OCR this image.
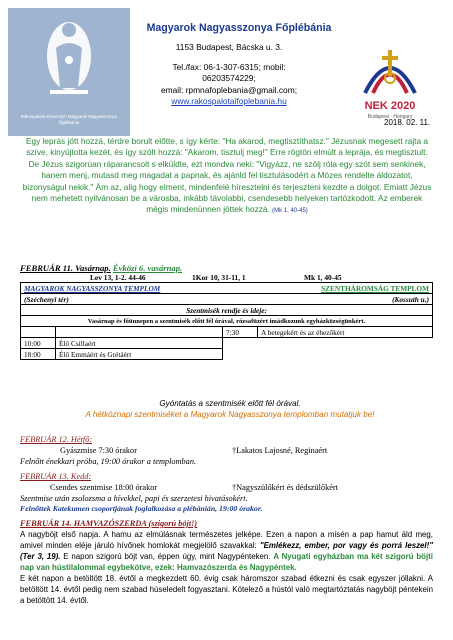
Rákospalota-Kissomlyó Magyarok Nagyasszonya főplébánia
Magyarok Nagyasszonya Főplébánia
1153 Budapest, Bácska u. 3.
Tel./fax: 06-1-307-6315; mobil:
06203574229;
email: rpmnafoplebania@gmail.com;
www.rakospalotaifoplebania.hu	NEK 2020
Budapest · Hungary
2018. 02. 11.
Egy leprás jött hozzá, térdre borult előtte, s így kérte: "Ha akarod, megtisztíthatsz." Jézusnak megesett rajta a szíve, kinyújtotta kezét, és így szólt hozzá: "Akarom, tisztulj meg!" Erre rögtön elmúlt a leprája, és megtisztult. De Jézus szigorúan ráparancsolt s elküldte, ezt mondva neki: "Vigyázz, ne szólj róla egy szót sem senkinek, hanem menj, mutasd meg magadat a papnak, és ajánld fel tisztulásodért a Mózes rendelte áldozatot, bizonyságul nekik." Ám az, alig hogy elment, mindenfelé híresztelni és terjeszteni kezdte a dolgot. Emiatt Jézus nem mehetett nyilvánosan be a városba, inkább távolabbi, csendesebb helyeken tartózkodott. Az emberek mégis mindenünnen jöttek hozzá. (Mk 1, 40-45)
FEBRUÁR 11. Vasárnap. Évközi 6. vasárnap.
Lev 13, 1-2. 44-46	1Kor 10, 31-11, 1	Mk 1, 40-45
MAGYAROK NAGYASSZONYA TEMPLOM		SZENTHÁROMSÁG TEMPLOM	
(Széchenyi tér)		(Kossuth u.)	
Szentmisék rendje és ideje:			
Vasárnap és főünnepen a szentmisék előtt fél órával, rózsafüzért imádkozunk egyházközségünkért.			
		7:30	A betegekért és az éhezőkért
10:00	Élő Csillaért		
18:00	Élő Emmáért és Grétáért		
Gyóntatás a szentmisék előtt fél órával.
A hétköznapi szentmiséket a Magyarok Nagyasszonya templomban mutatjuk be!
FEBRUÁR 12. Hétfő:
Gyászmise 7:30 órakor	†Lakatos Lajosné, Reginaért
Felnőtt énekkari próba, 19:00 órakor a templomban.
FEBRUÁR 13. Kedd:
Csendes szentmise 18:00 órakor	†Nagyszülőkért és dédszülőkért
Szentmise után zsolozsma a hívekkel, papi és szerzetesi hivatásokért.
Felnőttek Katekumen csoportjának foglalkozása a plébánián, 19:00 órakor.
FEBRUÁR 14. HAMVAZÓSZERDA (szigorú böjt!)
A nagyböjt első napja. A hamu az elmúlásnak természetes jelképe. Ezen a napon a misén a pap hamut áld meg, amivel minden eléje járuló hívőnek homlokát megjelölő szavakkal: "Emlékezz, ember, por vagy és porrá leszel!" (Ter 3, 19). E napon szigorú böjt van, éppen úgy, mint Nagypénteken. A Nyugati egyházban ma két szigorú böjti nap van hústilalommal egybekötve, ezek: Hamvazószerda és Nagypéntek.
E két napon a betöltött 18. évtől a megkezdett 60. évig csak háromszor szabad étkezni és csak egyszer jóllakni. A betöltött 14. évtől pedig nem szabad húseledelt fogyasztani. Kötelező a hústól való megtartóztatás nagyböjt péntekein a betöltött 14. évtől.
